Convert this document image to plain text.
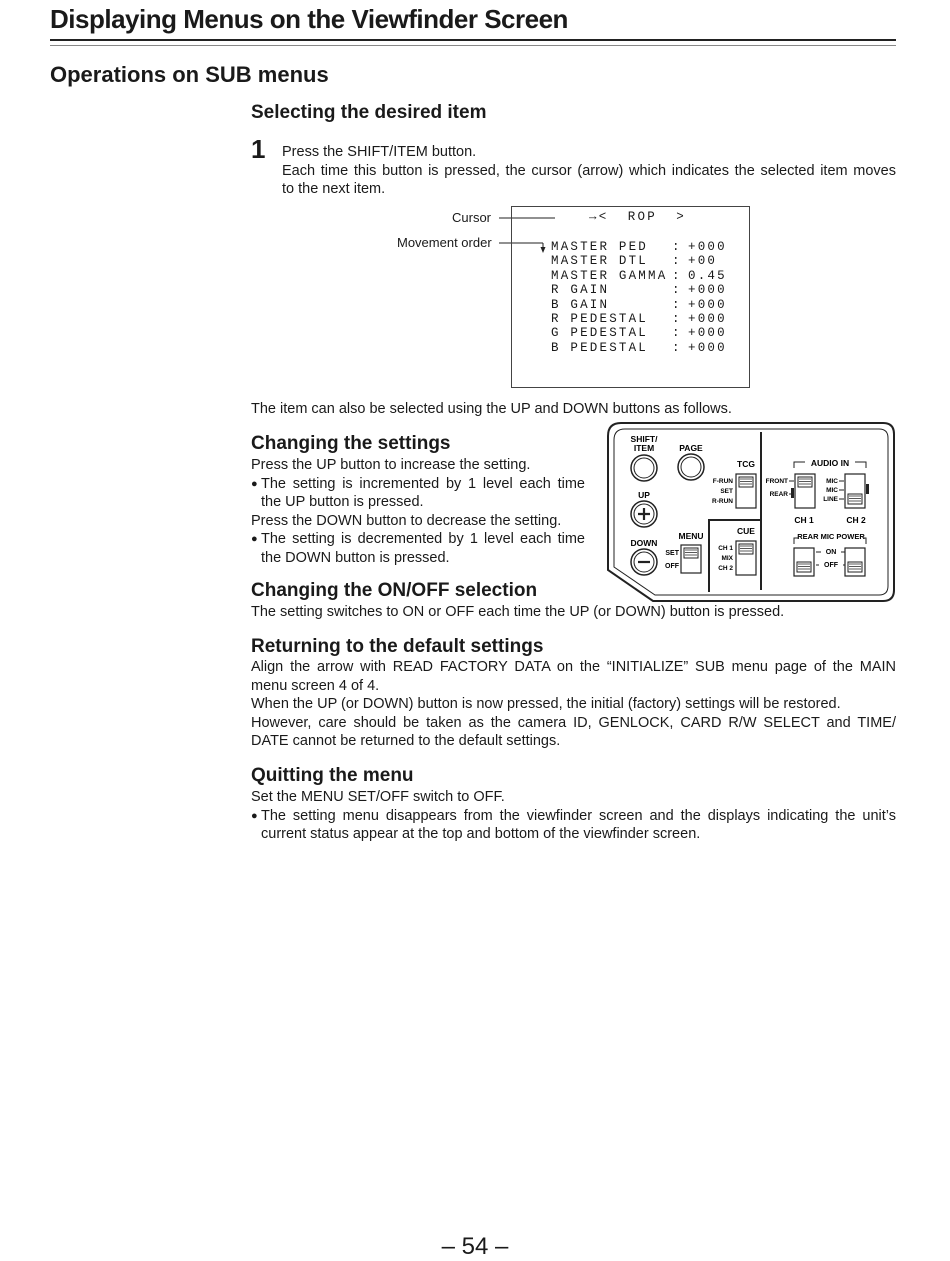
Displaying Menus on the Viewfinder Screen
Operations on SUB menus
Selecting the desired item
1 Press the SHIFT/ITEM button.
Each time this button is pressed, the cursor (arrow) which indicates the selected item moves
to the next item.
Cursor
Movement order
→<  ROP  >
MASTER PED : +000
MASTER DTL : +00
MASTER GAMMA : 0.45
R GAIN	: +000
B GAIN	: +000
R PEDESTAL : +000
G PEDESTAL : +000
B PEDESTAL : +000
The item can also be selected using the UP and DOWN buttons as follows.
Changing the settings
Press the UP button to increase the setting.
● The setting is incremented by 1 level each time
the UP button is pressed.
Press the DOWN button to decrease the setting.
● The setting is decremented by 1 level each time
the DOWN button is pressed.
SHIFT/
ITEM	PAGE
UP
DOWN
MENU
SET
OFF
TCG
F-RUN
SET
R-RUN
CUE
CH 1
MIX
CH 2
AUDIO IN
FRONT
REAR
MIC
MIC
LINE
CH 1	CH 2
REAR MIC POWER
ON
OFF
Changing the ON/OFF selection
The setting switches to ON or OFF each time the UP (or DOWN) button is pressed.
Returning to the default settings
Align the arrow with READ FACTORY DATA on the “INITIALIZE” SUB menu page of the MAIN
menu screen 4 of 4.
When the UP (or DOWN) button is now pressed, the initial (factory) settings will be restored.
However, care should be taken as the camera ID, GENLOCK, CARD R/W SELECT and TIME/
DATE cannot be returned to the default settings.
Quitting the menu
Set the MENU SET/OFF switch to OFF.
● The setting menu disappears from the viewfinder screen and the displays indicating the unit’s
current status appear at the top and bottom of the viewfinder screen.
– 54 –
